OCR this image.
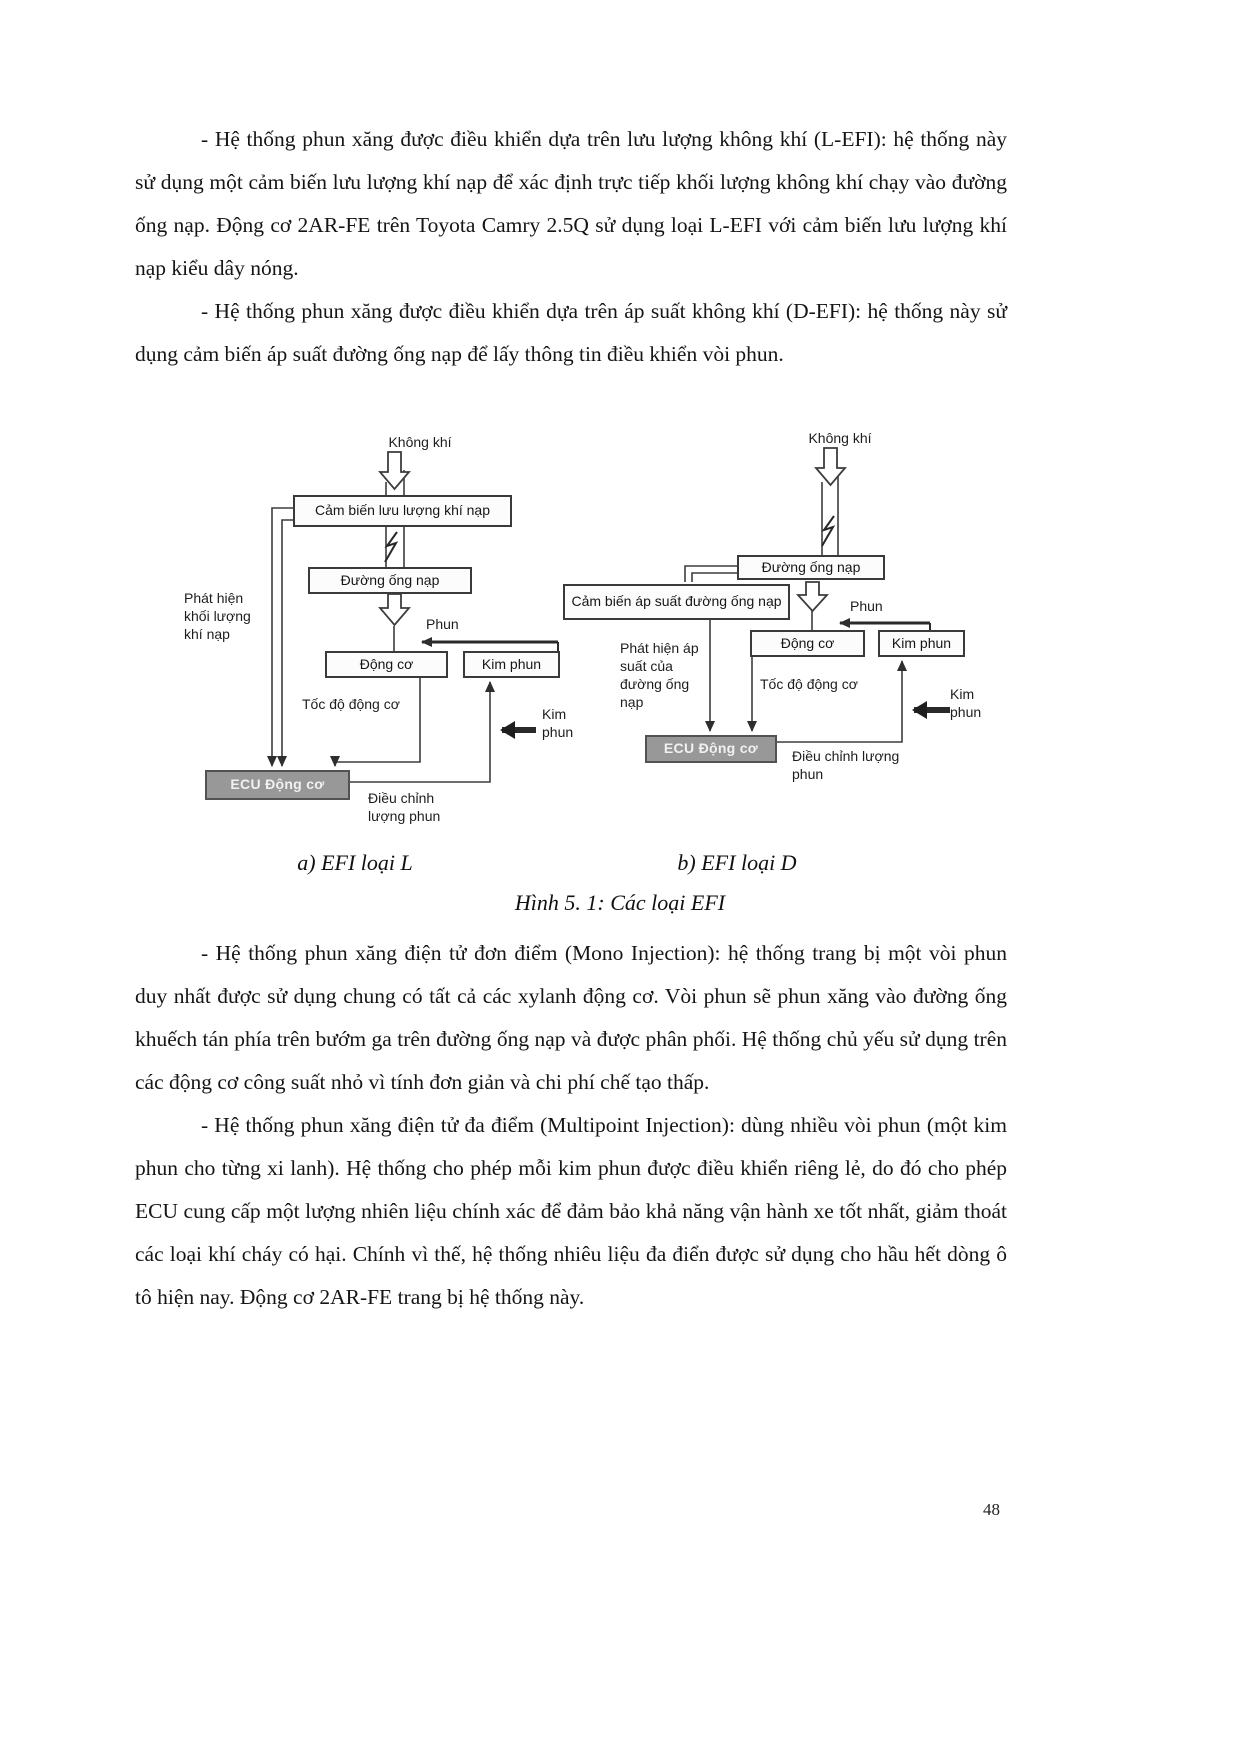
- Hệ thống phun xăng được điều khiển dựa trên lưu lượng không khí (L-EFI): hệ thống này sử dụng một cảm biến lưu lượng khí nạp để xác định trực tiếp khối lượng không khí chạy vào đường ống nạp. Động cơ 2AR-FE trên Toyota Camry 2.5Q sử dụng loại L-EFI với cảm biến lưu lượng khí nạp kiểu dây nóng.

- Hệ thống phun xăng được điều khiển dựa trên áp suất không khí (D-EFI): hệ thống này sử dụng cảm biến áp suất đường ống nạp để lấy thông tin điều khiển vòi phun.

Không khí
Cảm biến lưu lượng khí nạp
Đường ống nạp
Phát hiện khối lượng khí nạp
Phun
Động cơ	Kim phun
Tốc độ động cơ
Kim phun
ECU Động cơ
Điều chỉnh lượng phun
Không khí
Đường ống nạp
Cảm biến áp suất đường ống nạp	Phun
Động cơ	Kim phun
Phát hiện áp suất của đường ống nạp
Tốc độ động cơ
Kim phun
ECU Động cơ	Điều chỉnh lượng phun
a) EFI loại L	b) EFI loại D
Hình 5. 1: Các loại EFI

- Hệ thống phun xăng điện tử đơn điểm (Mono Injection): hệ thống trang bị một vòi phun duy nhất được sử dụng chung có tất cả các xylanh động cơ. Vòi phun sẽ phun xăng vào đường ống khuếch tán phía trên bướm ga trên đường ống nạp và được phân phối. Hệ thống chủ yếu sử dụng trên các động cơ công suất nhỏ vì tính đơn giản và chi phí chế tạo thấp.

- Hệ thống phun xăng điện tử đa điểm (Multipoint Injection): dùng nhiều vòi phun (một kim phun cho từng xi lanh). Hệ thống cho phép mỗi kim phun được điều khiển riêng lẻ, do đó cho phép ECU cung cấp một lượng nhiên liệu chính xác để đảm bảo khả năng vận hành xe tốt nhất, giảm thoát các loại khí cháy có hại. Chính vì thế, hệ thống nhiêu liệu đa điển được sử dụng cho hầu hết dòng ô tô hiện nay. Động cơ 2AR-FE trang bị hệ thống này.

48
